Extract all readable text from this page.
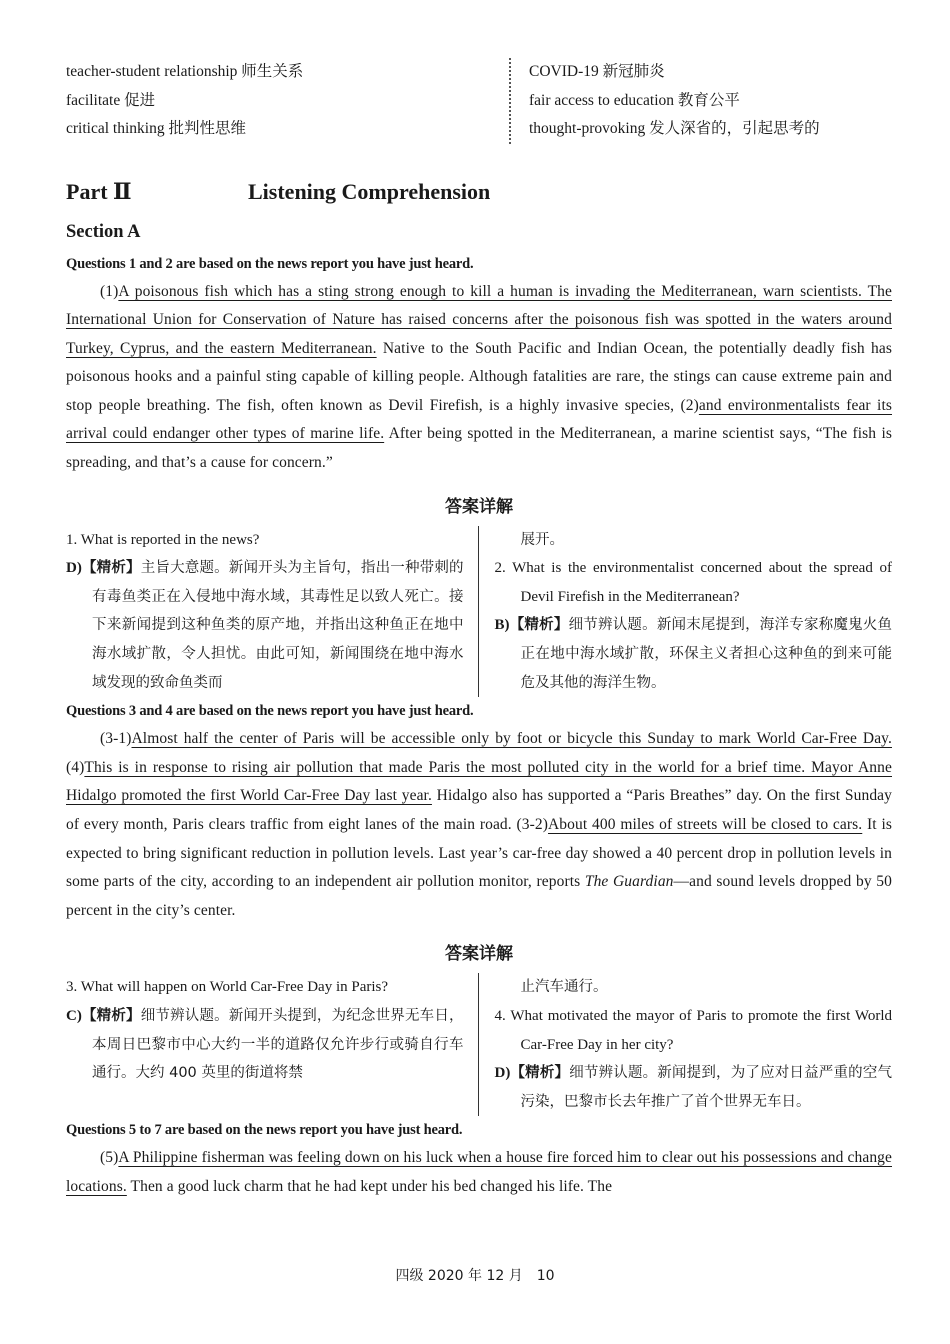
teacher-student relationship 师生关系
facilitate 促进
critical thinking 批判性思维
COVID-19 新冠肺炎
fair access to education 教育公平
thought-provoking 发人深省的，引起思考的
Part Ⅱ	Listening Comprehension
Section A
Questions 1 and 2 are based on the news report you have just heard.
(1)A poisonous fish which has a sting strong enough to kill a human is invading the Mediterranean, warn scientists. The International Union for Conservation of Nature has raised concerns after the poisonous fish was spotted in the waters around Turkey, Cyprus, and the eastern Mediterranean. Native to the South Pacific and Indian Ocean, the potentially deadly fish has poisonous hooks and a painful sting capable of killing people. Although fatalities are rare, the stings can cause extreme pain and stop people breathing. The fish, often known as Devil Firefish, is a highly invasive species, (2)and environmentalists fear its arrival could endanger other types of marine life. After being spotted in the Mediterranean, a marine scientist says, “The fish is spreading, and that’s a cause for concern.”
答案详解
1. What is reported in the news?
D)【精析】主旨大意题。新闻开头为主旨句，指出一种带刺的有毒鱼类正在入侵地中海水域，其毒性足以致人死亡。接下来新闻提到这种鱼类的原产地，并指出这种鱼正在地中海水域扩散，令人担忧。由此可知，新闻围绕在地中海水域发现的致命鱼类而
展开。
2. What is the environmentalist concerned about the spread of Devil Firefish in the Mediterranean?
B)【精析】细节辨认题。新闻末尾提到，海洋专家称魔鬼火鱼正在地中海水域扩散，环保主义者担心这种鱼的到来可能危及其他的海洋生物。
Questions 3 and 4 are based on the news report you have just heard.
(3-1)Almost half the center of Paris will be accessible only by foot or bicycle this Sunday to mark World Car-Free Day. (4)This is in response to rising air pollution that made Paris the most polluted city in the world for a brief time. Mayor Anne Hidalgo promoted the first World Car-Free Day last year. Hidalgo also has supported a “Paris Breathes” day. On the first Sunday of every month, Paris clears traffic from eight lanes of the main road. (3-2)About 400 miles of streets will be closed to cars. It is expected to bring significant reduction in pollution levels. Last year’s car-free day showed a 40 percent drop in pollution levels in some parts of the city, according to an independent air pollution monitor, reports The Guardian—and sound levels dropped by 50 percent in the city’s center.
答案详解
3. What will happen on World Car-Free Day in Paris?
C)【精析】细节辨认题。新闻开头提到，为纪念世界无车日，本周日巴黎市中心大约一半的道路仅允许步行或骑自行车通行。大约 400 英里的街道将禁
止汽车通行。
4. What motivated the mayor of Paris to promote the first World Car-Free Day in her city?
D)【精析】细节辨认题。新闻提到，为了应对日益严重的空气污染，巴黎市长去年推广了首个世界无车日。
Questions 5 to 7 are based on the news report you have just heard.
(5)A Philippine fisherman was feeling down on his luck when a house fire forced him to clear out his possessions and change locations. Then a good luck charm that he had kept under his bed changed his life. The
四级 2020 年 12 月　10
